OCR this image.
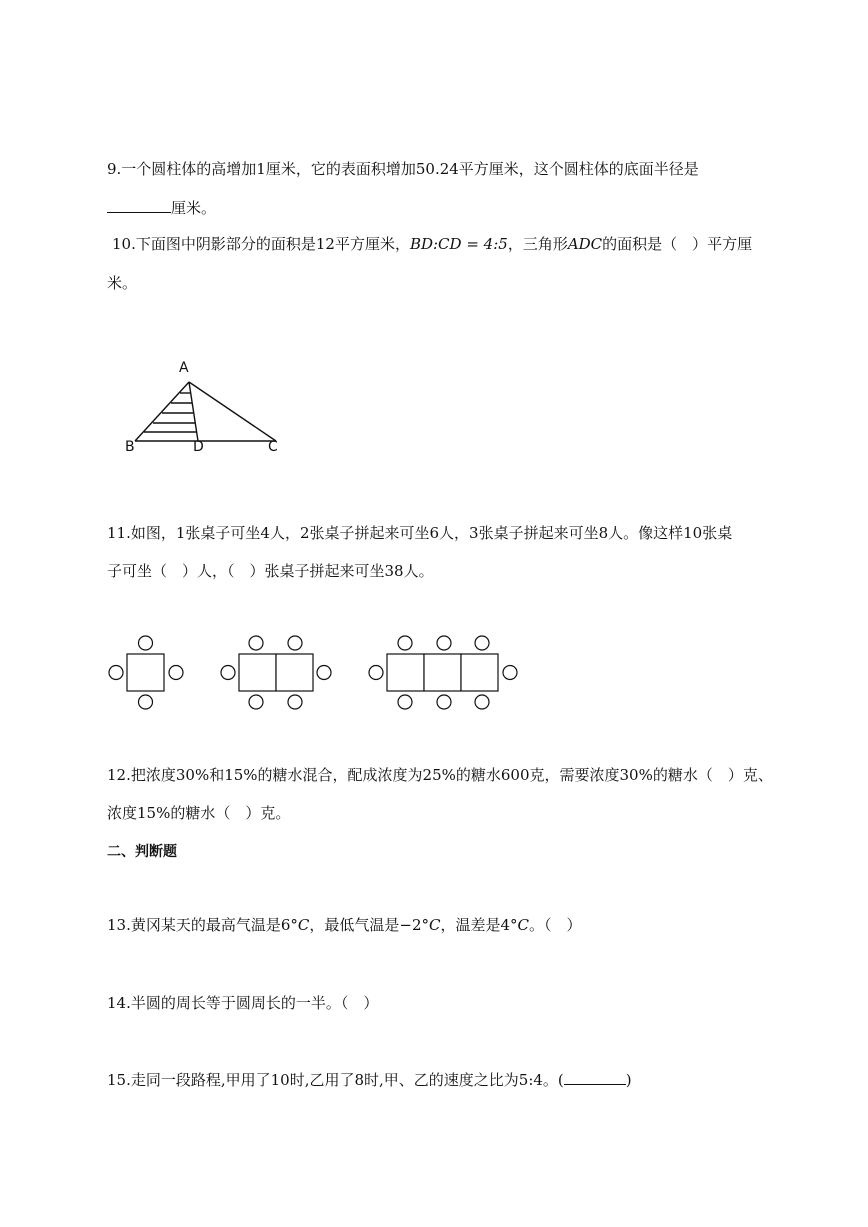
9.一个圆柱体的高增加1厘米，它的表面积增加50.24平方厘米，这个圆柱体的底面半径是
厘米。
10.下面图中阴影部分的面积是12平方厘米，BD:CD = 4:5，三角形ADC的面积是（　）平方厘
米。
A
B	D	C
11.如图，1张桌子可坐4人，2张桌子拼起来可坐6人，3张桌子拼起来可坐8人。像这样10张桌
子可坐（　）人，（　）张桌子拼起来可坐38人。
12.把浓度30%和15%的糖水混合，配成浓度为25%的糖水600克，需要浓度30%的糖水（　）克、
浓度15%的糖水（　）克。
二、判断题
13.黄冈某天的最高气温是6°C，最低气温是−2°C，温差是4°C。（　）
14.半圆的周长等于圆周长的一半。（　）
15.走同一段路程,甲用了10时,乙用了8时,甲、乙的速度之比为5:4。(	)
